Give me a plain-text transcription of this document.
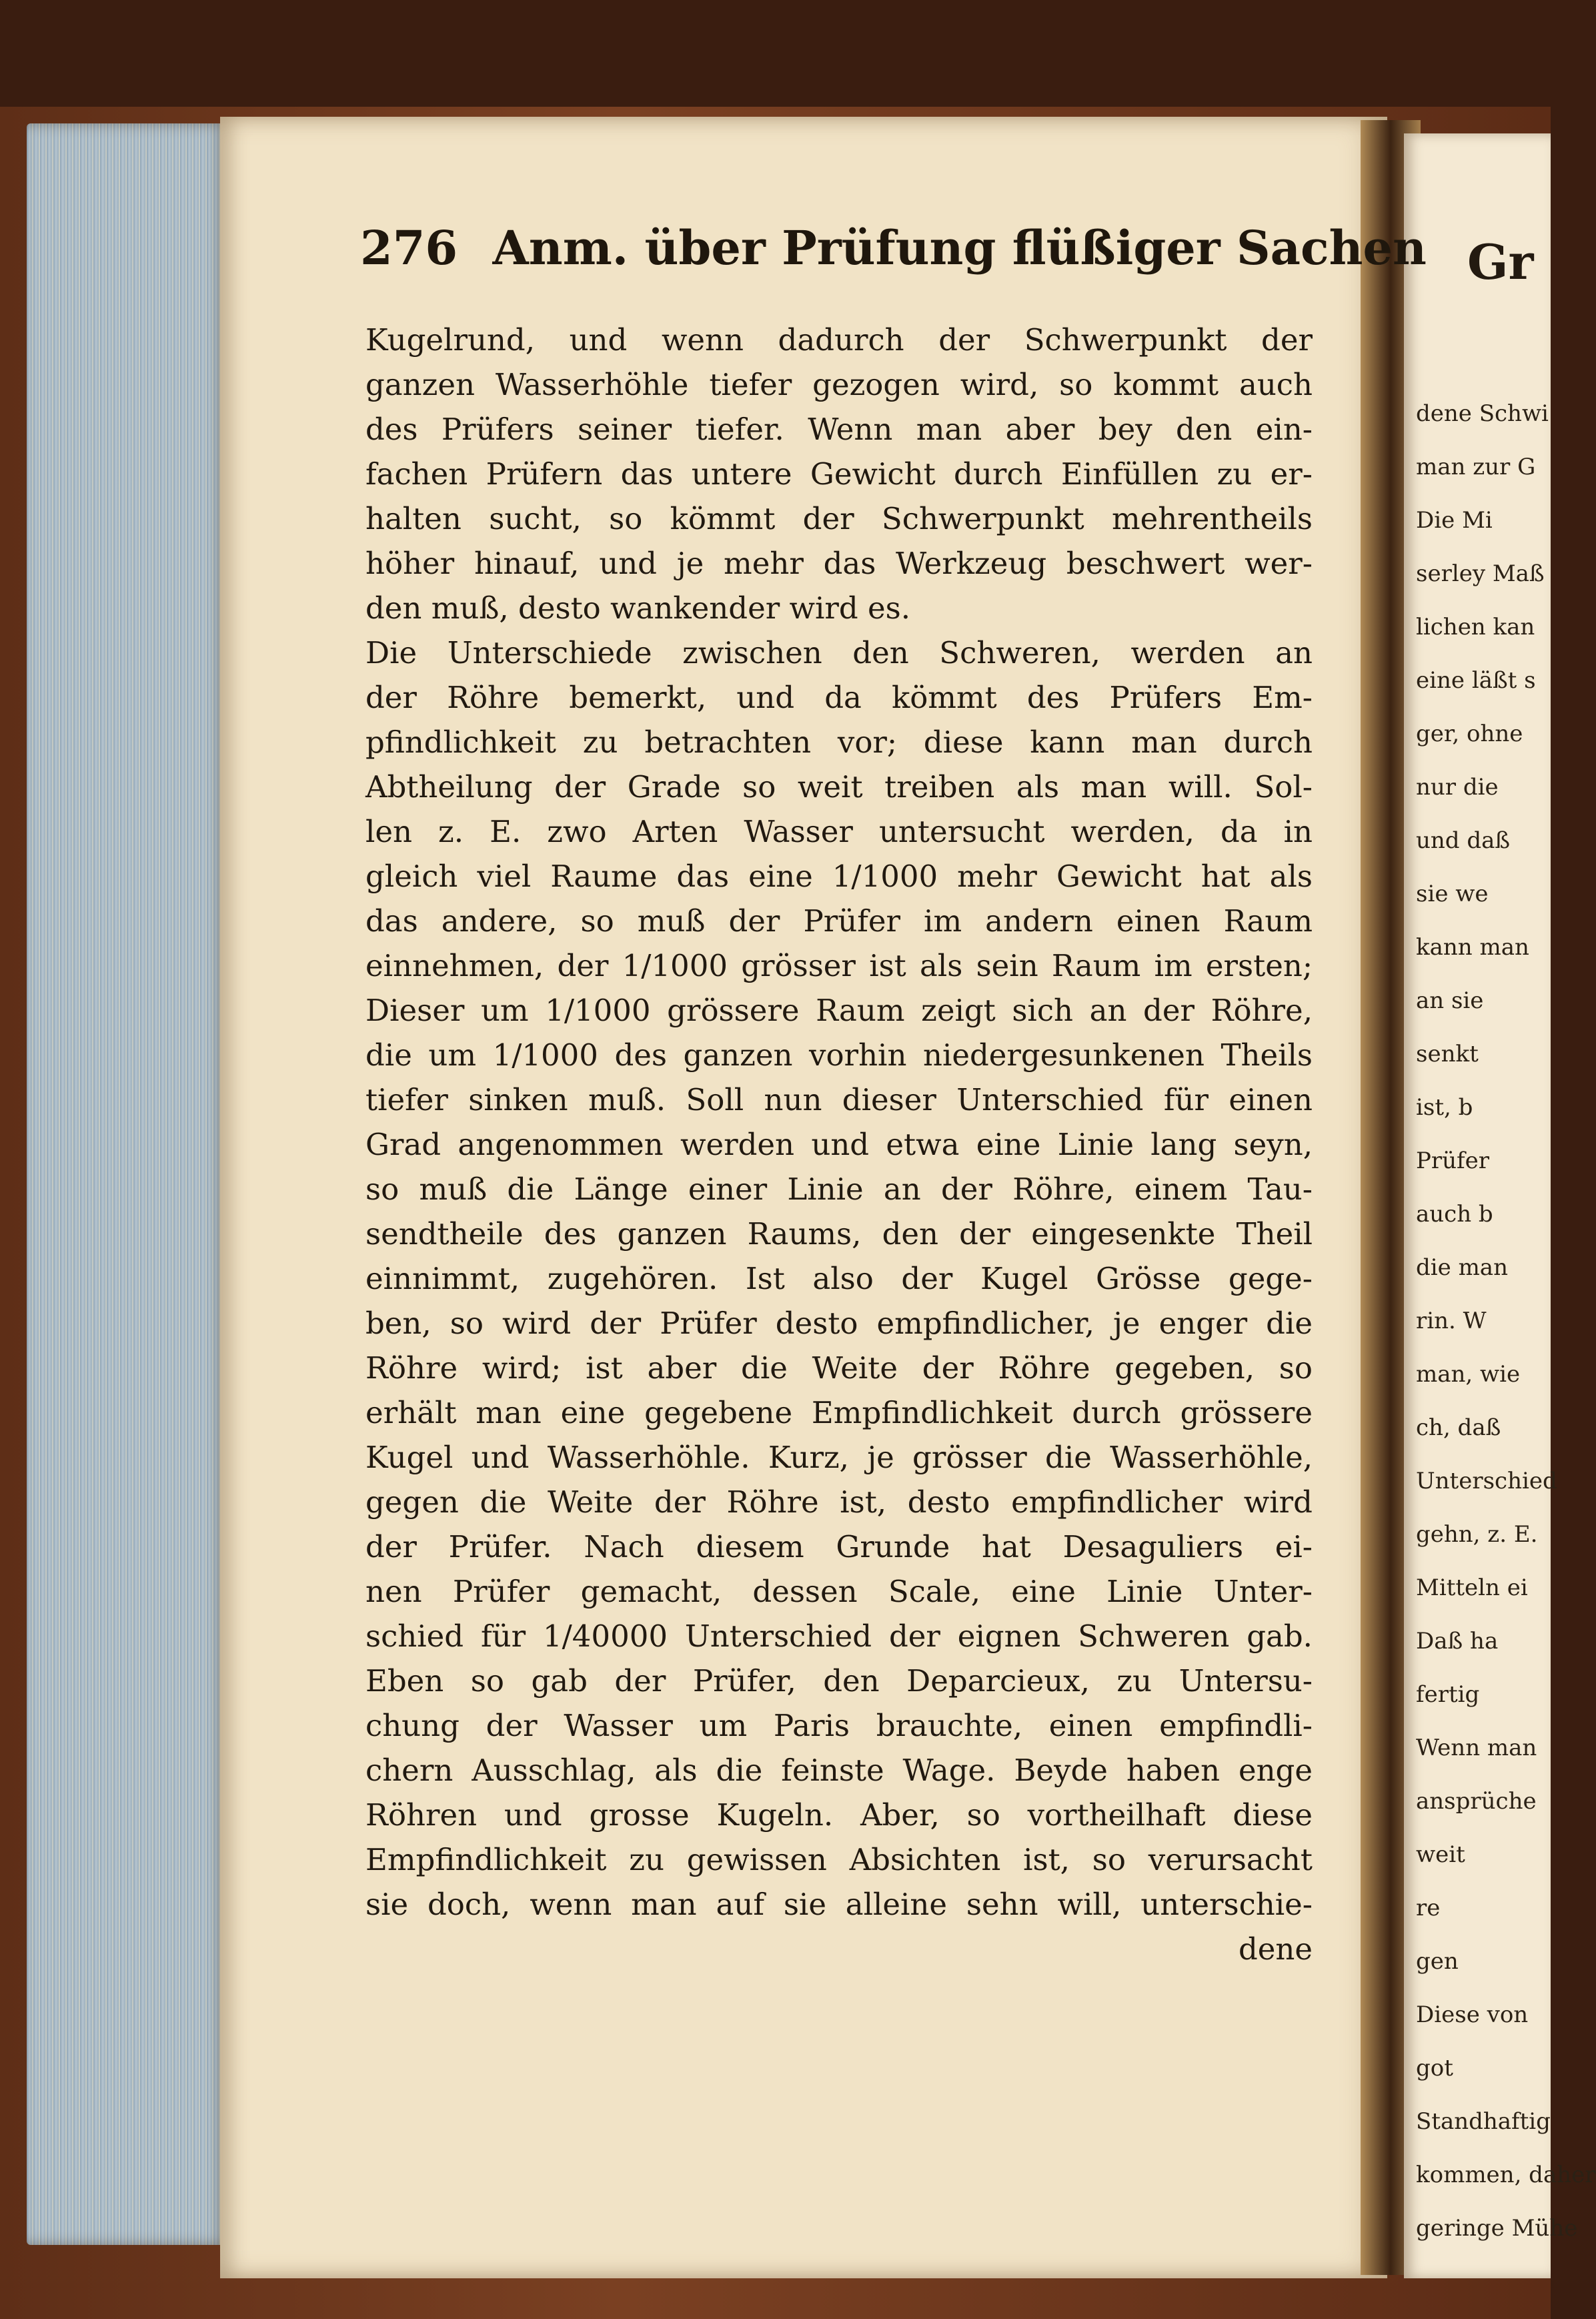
Gr
dene Schwi
man zur G
Die Mi
serley Maß
lichen kan
eine läßt s
ger, ohne
nur die
und daß
sie we
kann man
an sie
senkt
ist, b
Prüfer
auch b
die man
rin. W
man, wie
ch, daß
Unterschied
gehn, z. E.
Mitteln ei
Daß ha
fertig
Wenn man
ansprüche
weit
re
gen
Diese von
got
Standhaftig
kommen, daher
geringe Mühe
276 Anm. über Prüfung flüßiger Sachen
Kugelrund, und wenn dadurch der Schwerpunkt der
ganzen Wasserhöhle tiefer gezogen wird, so kommt auch
des Prüfers seiner tiefer. Wenn man aber bey den ein-
fachen Prüfern das untere Gewicht durch Einfüllen zu er-
halten sucht, so kömmt der Schwerpunkt mehrentheils
höher hinauf, und je mehr das Werkzeug beschwert wer-
den muß, desto wankender wird es.
Die Unterschiede zwischen den Schweren, werden an
der Röhre bemerkt, und da kömmt des Prüfers Em-
pfindlichkeit zu betrachten vor; diese kann man durch
Abtheilung der Grade so weit treiben als man will. Sol-
len z. E. zwo Arten Wasser untersucht werden, da in
gleich viel Raume das eine 1/1000 mehr Gewicht hat als
das andere, so muß der Prüfer im andern einen Raum
einnehmen, der 1/1000 grösser ist als sein Raum im ersten;
Dieser um 1/1000 grössere Raum zeigt sich an der Röhre,
die um 1/1000 des ganzen vorhin niedergesunkenen Theils
tiefer sinken muß. Soll nun dieser Unterschied für einen
Grad angenommen werden und etwa eine Linie lang seyn,
so muß die Länge einer Linie an der Röhre, einem Tau-
sendtheile des ganzen Raums, den der eingesenkte Theil
einnimmt, zugehören. Ist also der Kugel Grösse gege-
ben, so wird der Prüfer desto empfindlicher, je enger die
Röhre wird; ist aber die Weite der Röhre gegeben, so
erhält man eine gegebene Empfindlichkeit durch grössere
Kugel und Wasserhöhle. Kurz, je grösser die Wasserhöhle,
gegen die Weite der Röhre ist, desto empfindlicher wird
der Prüfer. Nach diesem Grunde hat Desaguliers ei-
nen Prüfer gemacht, dessen Scale, eine Linie Unter-
schied für 1/40000 Unterschied der eignen Schweren gab.
Eben so gab der Prüfer, den Deparcieux, zu Untersu-
chung der Wasser um Paris brauchte, einen empfindli-
chern Ausschlag, als die feinste Wage. Beyde haben enge
Röhren und grosse Kugeln. Aber, so vortheilhaft diese
Empfindlichkeit zu gewissen Absichten ist, so verursacht
sie doch, wenn man auf sie alleine sehn will, unterschie-
dene
